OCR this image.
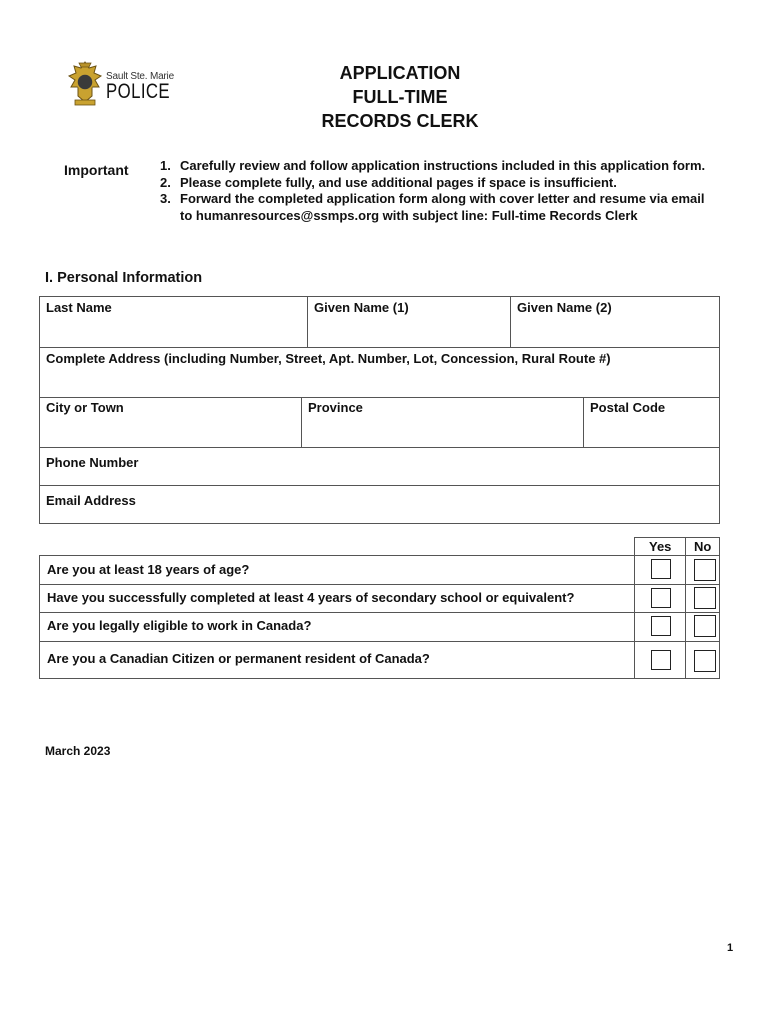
Sault Ste. Marie
POLICE
APPLICATION
FULL-TIME
RECORDS CLERK
Important 1. Carefully review and follow application instructions included in this application form.
2. Please complete fully, and use additional pages if space is insufficient.
3. Forward the completed application form along with cover letter and resume via email to humanresources@ssmps.org with subject line: Full-time Records Clerk
I. Personal Information
Last Name	Given Name (1)	Given Name (2)
Complete Address (including Number, Street, Apt. Number, Lot, Concession, Rural Route #)
City or Town	Province	Postal Code
Phone Number
Email Address
Yes No
Are you at least 18 years of age?
Have you successfully completed at least 4 years of secondary school or equivalent?
Are you legally eligible to work in Canada?
Are you a Canadian Citizen or permanent resident of Canada?
March 2023
1
